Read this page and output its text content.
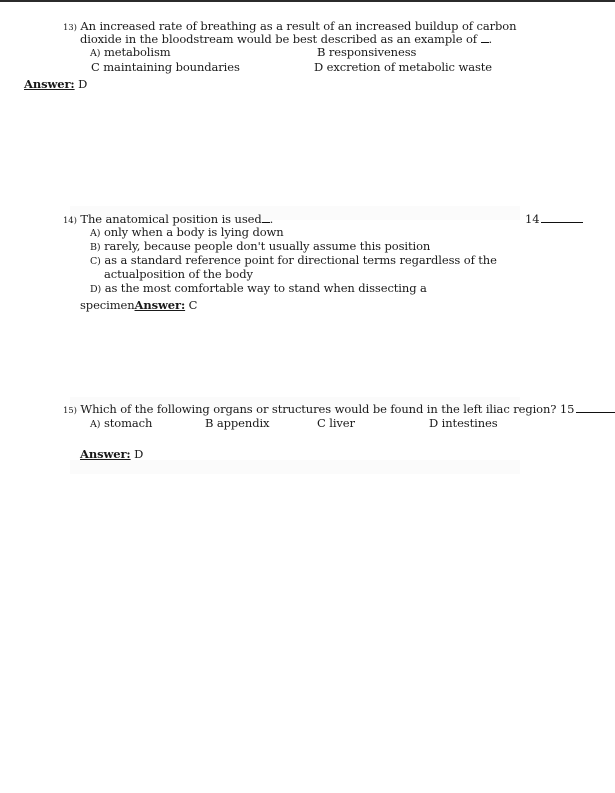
13) An increased rate of breathing as a result of an increased buildup of carbon
dioxide in the bloodstream would be best described as an example of .
A) metabolism	B responsiveness
C maintaining boundaries	D excretion of metabolic waste
Answer: D
14) The anatomical position is used .	14
A) only when a body is lying down
B) rarely, because people don't usually assume this position
C) as a standard reference point for directional terms regardless of the
actualposition of the body
D) as the most comfortable way to stand when dissecting a
specimenAnswer: C
15) Which of the following organs or structures would be found in the left iliac region? 15
A) stomach	B appendix	C liver	D intestines
Answer: D
